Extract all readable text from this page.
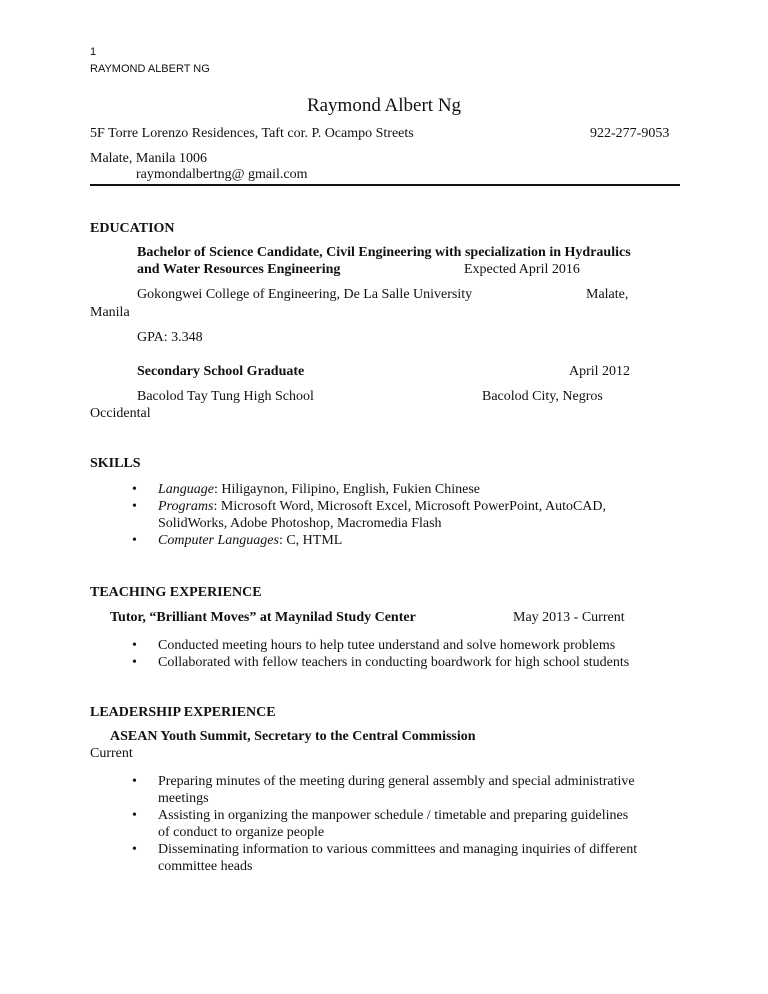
1
RAYMOND ALBERT NG
Raymond Albert Ng
5F Torre Lorenzo Residences, Taft cor. P. Ocampo Streets	922-277-9053
Malate, Manila 1006
raymondalbertng@ gmail.com
EDUCATION
Bachelor of Science Candidate, Civil Engineering with specialization in Hydraulics
and Water Resources Engineering	Expected April 2016
Gokongwei College of Engineering, De La Salle University	Malate,
Manila
GPA: 3.348
Secondary School Graduate	April 2012
Bacolod Tay Tung High School	Bacolod City, Negros
Occidental
SKILLS
• Language: Hiligaynon, Filipino, English, Fukien Chinese
• Programs: Microsoft Word, Microsoft Excel, Microsoft PowerPoint, AutoCAD,
SolidWorks, Adobe Photoshop, Macromedia Flash
• Computer Languages: C, HTML
TEACHING EXPERIENCE
Tutor, “Brilliant Moves” at Maynilad Study Center	May 2013 - Current
• Conducted meeting hours to help tutee understand and solve homework problems
• Collaborated with fellow teachers in conducting boardwork for high school students
LEADERSHIP EXPERIENCE
ASEAN Youth Summit, Secretary to the Central Commission
Current
• Preparing minutes of the meeting during general assembly and special administrative
meetings
• Assisting in organizing the manpower schedule / timetable and preparing guidelines
of conduct to organize people
• Disseminating information to various committees and managing inquiries of different
committee heads
